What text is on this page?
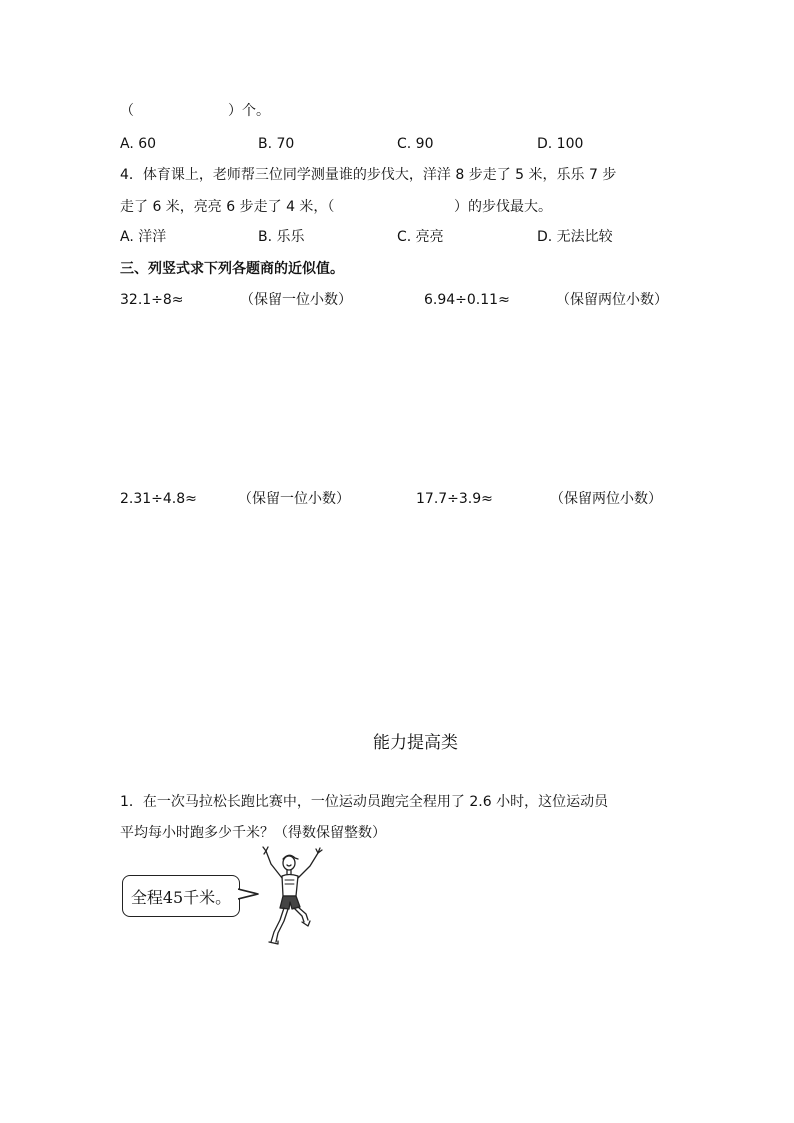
（	）个。
A. 60	B. 70	C. 90	D. 100
4．体育课上，老师帮三位同学测量谁的步伐大，洋洋 8 步走了 5 米，乐乐 7 步
走了 6 米，亮亮 6 步走了 4 米，（	）的步伐最大。
A. 洋洋	B. 乐乐	C. 亮亮	D. 无法比较
三、列竖式求下列各题商的近似值。
32.1÷8≈	（保留一位小数）	6.94÷0.11≈	（保留两位小数）
2.31÷4.8≈	（保留一位小数）	17.7÷3.9≈	（保留两位小数）
能力提高类
1．在一次马拉松长跑比赛中，一位运动员跑完全程用了 2.6 小时，这位运动员
平均每小时跑多少千米？（得数保留整数）
全程45千米。
